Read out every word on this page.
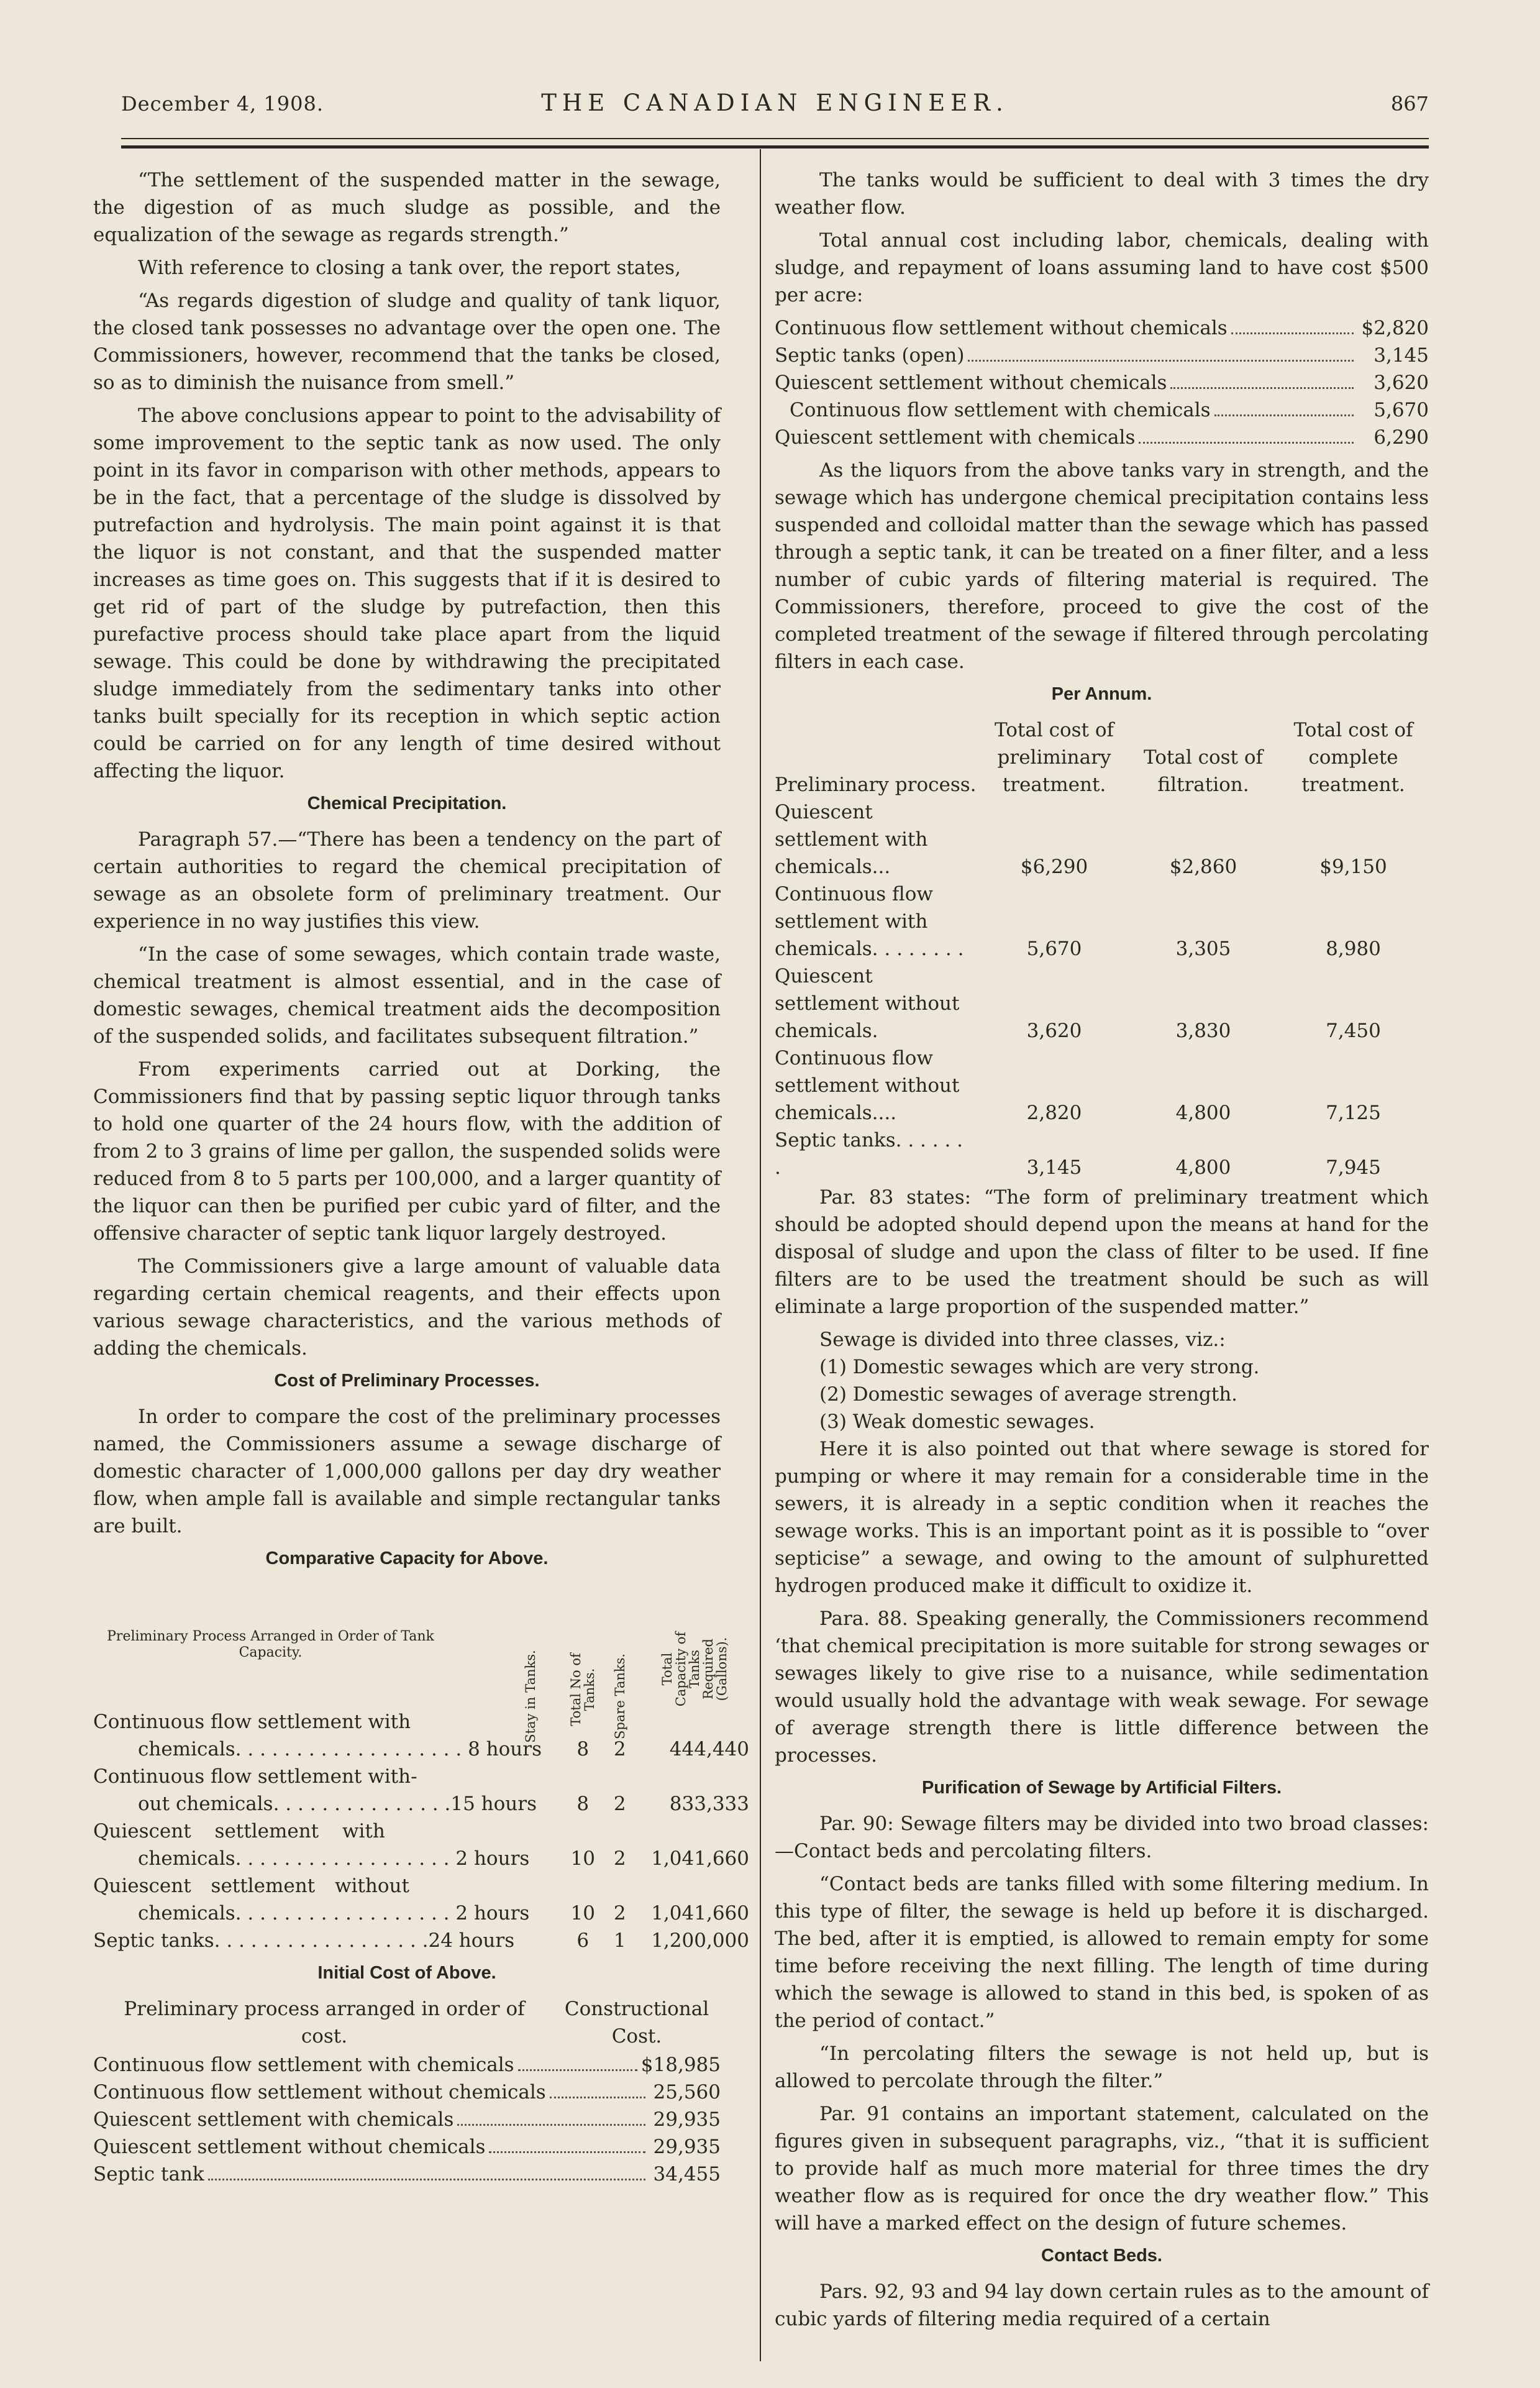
December 4, 1908.	THE CANADIAN ENGINEER.	867

“The settlement of the suspended matter in the sewage, the digestion of as much sludge as possible, and the equalization of the sewage as regards strength.”

With reference to closing a tank over, the report states,

“As regards digestion of sludge and quality of tank liquor, the closed tank possesses no advantage over the open one. The Commissioners, however, recommend that the tanks be closed, so as to diminish the nuisance from smell.”

The above conclusions appear to point to the advisability of some improvement to the septic tank as now used. The only point in its favor in comparison with other methods, appears to be in the fact, that a percentage of the sludge is dissolved by putrefaction and hydrolysis. The main point against it is that the liquor is not constant, and that the suspended matter increases as time goes on. This suggests that if it is desired to get rid of part of the sludge by putrefaction, then this purefactive process should take place apart from the liquid sewage. This could be done by withdrawing the precipitated sludge immediately from the sedimentary tanks into other tanks built specially for its reception in which septic action could be carried on for any length of time desired without affecting the liquor.

Chemical Precipitation.

Paragraph 57.—“There has been a tendency on the part of certain authorities to regard the chemical precipitation of sewage as an obsolete form of preliminary treatment. Our experience in no way justifies this view.

“In the case of some sewages, which contain trade waste, chemical treatment is almost essential, and in the case of domestic sewages, chemical treatment aids the decomposition of the suspended solids, and facilitates subsequent filtration.”

From experiments carried out at Dorking, the Commissioners find that by passing septic liquor through tanks to hold one quarter of the 24 hours flow, with the addition of from 2 to 3 grains of lime per gallon, the suspended solids were reduced from 8 to 5 parts per 100,000, and a larger quantity of the liquor can then be purified per cubic yard of filter, and the offensive character of septic tank liquor largely destroyed.

The Commissioners give a large amount of valuable data regarding certain chemical reagents, and their effects upon various sewage characteristics, and the various methods of adding the chemicals.

Cost of Preliminary Processes.

In order to compare the cost of the preliminary processes named, the Commissioners assume a sewage discharge of domestic character of 1,000,000 gallons per day dry weather flow, when ample fall is available and simple rectangular tanks are built.

Comparative Capacity for Above.
Preliminary Process Arranged in Order of Tank Capacity.	Stay in Tanks.	Total No of Tanks.	Spare Tanks.	Total Capacity of Tanks Required (Gallons).

Continuous flow settlement with				
chemicals. . . . . . . . . . . . . . . . . . . 8 hours		8	2	444,440
Continuous flow settlement with-				
out chemicals. . . . . . . . . . . . . . .15 hours		8	2	833,333
Quiescent settlement with				
chemicals. . . . . . . . . . . . . . . . . . 2 hours		10	2	1,041,660
Quiescent settlement without				
chemicals. . . . . . . . . . . . . . . . . . 2 hours		10	2	1,041,660
Septic tanks. . . . . . . . . . . . . . . . . .24 hours		6	1	1,200,000
Initial Cost of Above.
Preliminary process arranged in order of cost.
Constructional Cost.
Continuous flow settlement with chemicals	$18,985
Continuous flow settlement without chemicals	25,560
Quiescent settlement with chemicals	29,935
Quiescent settlement without chemicals	29,935
Septic tank	34,455

The tanks would be sufficient to deal with 3 times the dry weather flow.

Total annual cost including labor, chemicals, dealing with sludge, and repayment of loans assuming land to have cost $500 per acre:

Continuous flow settlement without chemicals	$2,820
Septic tanks (open)	3,145
Quiescent settlement without chemicals	3,620
Continuous flow settlement with chemicals	5,670
Quiescent settlement with chemicals	6,290

As the liquors from the above tanks vary in strength, and the sewage which has undergone chemical precipitation contains less suspended and colloidal matter than the sewage which has passed through a septic tank, it can be treated on a finer filter, and a less number of cubic yards of filtering material is required. The Commissioners, therefore, proceed to give the cost of the completed treatment of the sewage if filtered through percolating filters in each case.

Per Annum.
Preliminary process.	Total cost of preliminary treatment.	Total cost of filtration.	Total cost of complete treatment.
Quiescent settlement with chemicals...	$6,290	$2,860	$9,150
Continuous flow settlement with chemicals. . . . . . . .	5,670	3,305	8,980
Quiescent settlement without chemicals.	3,620	3,830	7,450
Continuous flow settlement without chemicals....	2,820	4,800	7,125
Septic tanks. . . . . . .	3,145	4,800	7,945

Par. 83 states: “The form of preliminary treatment which should be adopted should depend upon the means at hand for the disposal of sludge and upon the class of filter to be used. If fine filters are to be used the treatment should be such as will eliminate a large proportion of the suspended matter.”

Sewage is divided into three classes, viz.:

(1) Domestic sewages which are very strong.
(2) Domestic sewages of average strength.
(3) Weak domestic sewages.

Here it is also pointed out that where sewage is stored for pumping or where it may remain for a considerable time in the sewers, it is already in a septic condition when it reaches the sewage works. This is an important point as it is possible to “over septicise” a sewage, and owing to the amount of sulphuretted hydrogen produced make it difficult to oxidize it.

Para. 88. Speaking generally, the Commissioners recommend ‘that chemical precipitation is more suitable for strong sewages or sewages likely to give rise to a nuisance, while sedimentation would usually hold the advantage with weak sewage. For sewage of average strength there is little difference between the processes.

Purification of Sewage by Artificial Filters.

Par. 90: Sewage filters may be divided into two broad classes:—Contact beds and percolating filters.

“Contact beds are tanks filled with some filtering medium. In this type of filter, the sewage is held up before it is discharged. The bed, after it is emptied, is allowed to remain empty for some time before receiving the next filling. The length of time during which the sewage is allowed to stand in this bed, is spoken of as the period of contact.”

“In percolating filters the sewage is not held up, but is allowed to percolate through the filter.”

Par. 91 contains an important statement, calculated on the figures given in subsequent paragraphs, viz., “that it is sufficient to provide half as much more material for three times the dry weather flow as is required for once the dry weather flow.” This will have a marked effect on the design of future schemes.

Contact Beds.

Pars. 92, 93 and 94 lay down certain rules as to the amount of cubic yards of filtering media required of a certain
